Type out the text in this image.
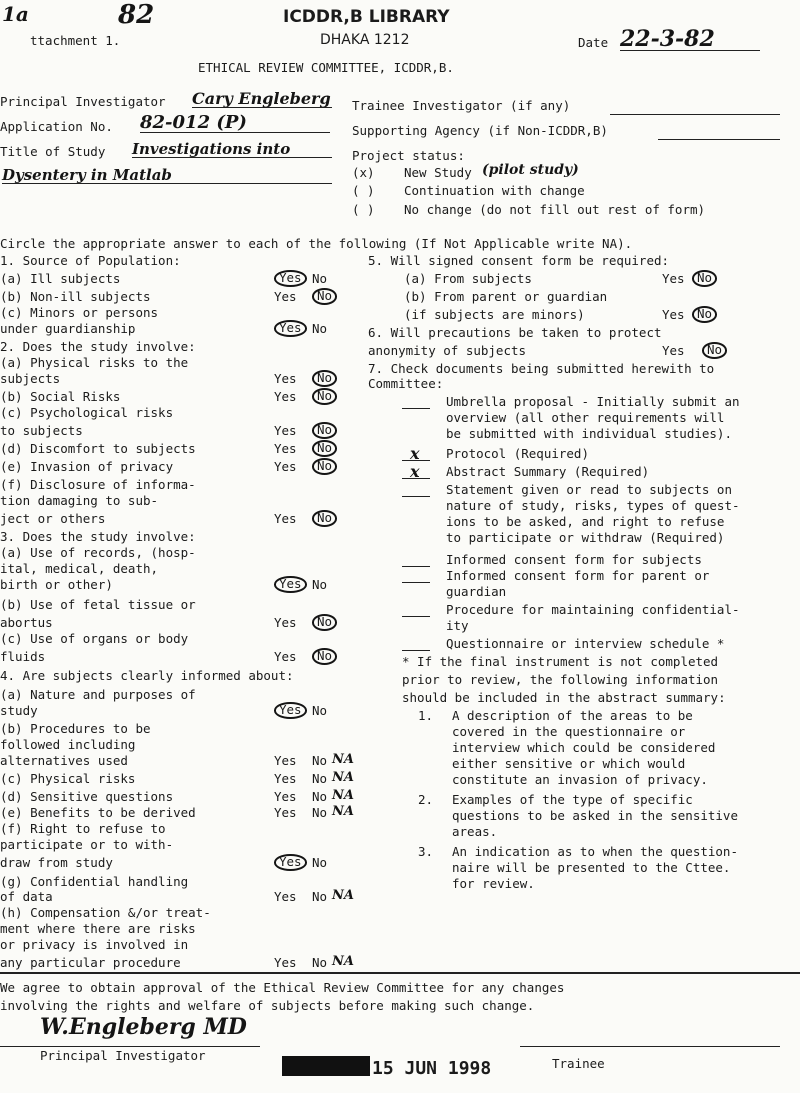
1a	82
ttachment 1.
ICDDR,B LIBRARY
DHAKA 1212	Date 22-3-82
ETHICAL REVIEW COMMITTEE, ICDDR,B.
Principal Investigator Cary Engleberg
Application No. 82-012 (P)
Title of Study Investigations into
Dysentery in Matlab
Trainee Investigator (if any)
Supporting Agency (if Non-ICDDR,B)
Project status:
(x) New Study (pilot study)
( ) Continuation with change
( ) No change (do not fill out rest of form)
Circle the appropriate answer to each of the following (If Not Applicable write NA).
1. Source of Population:
(a) Ill subjects	Yes No
(b) Non-ill subjects	Yes	No
(c) Minors or persons
under guardianship	Yes No
2. Does the study involve:
(a) Physical risks to the
subjects	Yes	No
(b) Social Risks	Yes	No
(c) Psychological risks
to subjects	Yes	No
(d) Discomfort to subjects	Yes	No
(e) Invasion of privacy	Yes	No
(f) Disclosure of informa-
tion damaging to sub-
ject or others	Yes	No
3. Does the study involve:
(a) Use of records, (hosp-
ital, medical, death,
birth or other)	Yes No
(b) Use of fetal tissue or
abortus	Yes	No
(c) Use of organs or body
fluids	Yes	No
4. Are subjects clearly informed about:
(a) Nature and purposes of
study	Yes No
(b) Procedures to be
followed including
alternatives used	Yes No NA
(c) Physical risks	Yes No NA
(d) Sensitive questions	Yes No NA
(e) Benefits to be derived	Yes No NA
(f) Right to refuse to
participate or to with-
draw from study	Yes No
(g) Confidential handling
of data	Yes No NA
(h) Compensation &/or treat-
ment where there are risks
or privacy is involved in
any particular procedure	Yes No NA
5. Will signed consent form be required:
(a) From subjects	Yes No
(b) From parent or guardian
(if subjects are minors)	Yes No
6. Will precautions be taken to protect
anonymity of subjects	Yes	No
7. Check documents being submitted herewith to
Committee:
Umbrella proposal - Initially submit an
overview (all other requirements will
be submitted with individual studies).
x Protocol (Required)
x Abstract Summary (Required)
Statement given or read to subjects on
nature of study, risks, types of quest-
ions to be asked, and right to refuse
to participate or withdraw (Required)
Informed consent form for subjects
Informed consent form for parent or
guardian
Procedure for maintaining confidential-
ity
Questionnaire or interview schedule *
* If the final instrument is not completed
prior to review, the following information
should be included in the abstract summary:
1. A description of the areas to be
covered in the questionnaire or
interview which could be considered
either sensitive or which would
constitute an invasion of privacy.
2. Examples of the type of specific
questions to be asked in the sensitive
areas.
3. An indication as to when the question-
naire will be presented to the Cttee.
for review.
We agree to obtain approval of the Ethical Review Committee for any changes
involving the rights and welfare of subjects before making such change.
W.Engleberg MD
Principal Investigator
15 JUN 1998	Trainee
